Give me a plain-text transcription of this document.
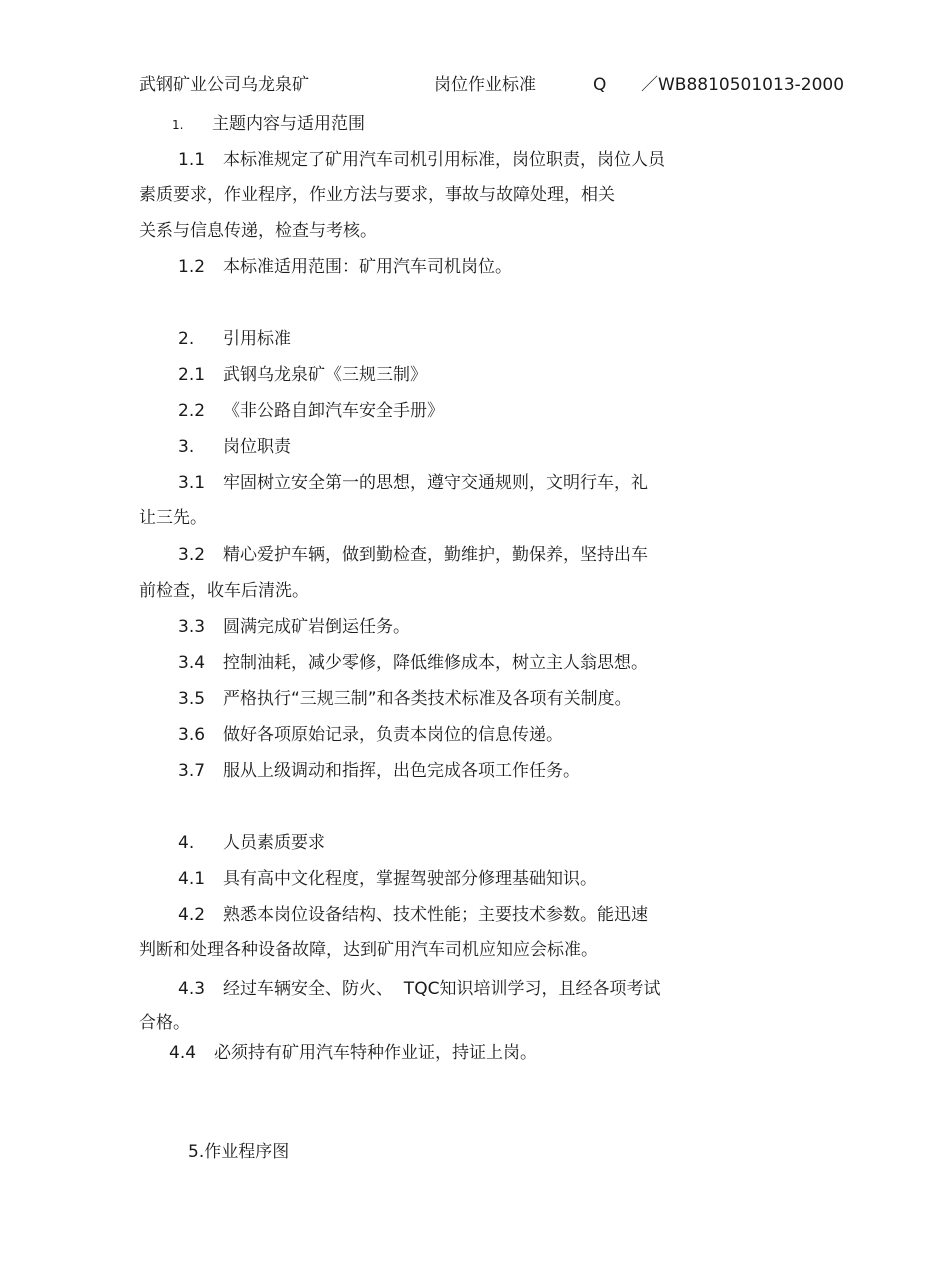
武钢矿业公司乌龙泉矿	岗位作业标准	Q ／WB8810501013-2000
1. 主题内容与适用范围
1.1 本标准规定了矿用汽车司机引用标准，岗位职责，岗位人员
素质要求，作业程序，作业方法与要求，事故与故障处理，相关
关系与信息传递，检查与考核。
1.2 本标准适用范围：矿用汽车司机岗位。
2. 引用标准
2.1 武钢乌龙泉矿《三规三制》
2.2 《非公路自卸汽车安全手册》
3. 岗位职责
3.1 牢固树立安全第一的思想，遵守交通规则，文明行车，礼
让三先。
3.2 精心爱护车辆，做到勤检查，勤维护，勤保养，坚持出车
前检查，收车后清洗。
3.3 圆满完成矿岩倒运任务。
3.4 控制油耗，减少零修，降低维修成本，树立主人翁思想。
3.5 严格执行“三规三制”和各类技术标准及各项有关制度。
3.6 做好各项原始记录，负责本岗位的信息传递。
3.7 服从上级调动和指挥，出色完成各项工作任务。
4. 人员素质要求
4.1 具有高中文化程度，掌握驾驶部分修理基础知识。
4.2 熟悉本岗位设备结构、技术性能；主要技术参数。能迅速
判断和处理各种设备故障，达到矿用汽车司机应知应会标准。
4.3 经过车辆安全、防火、  TQC知识培训学习，且经各项考试
合格。
4.4 必须持有矿用汽车特种作业证，持证上岗。
5.作业程序图
